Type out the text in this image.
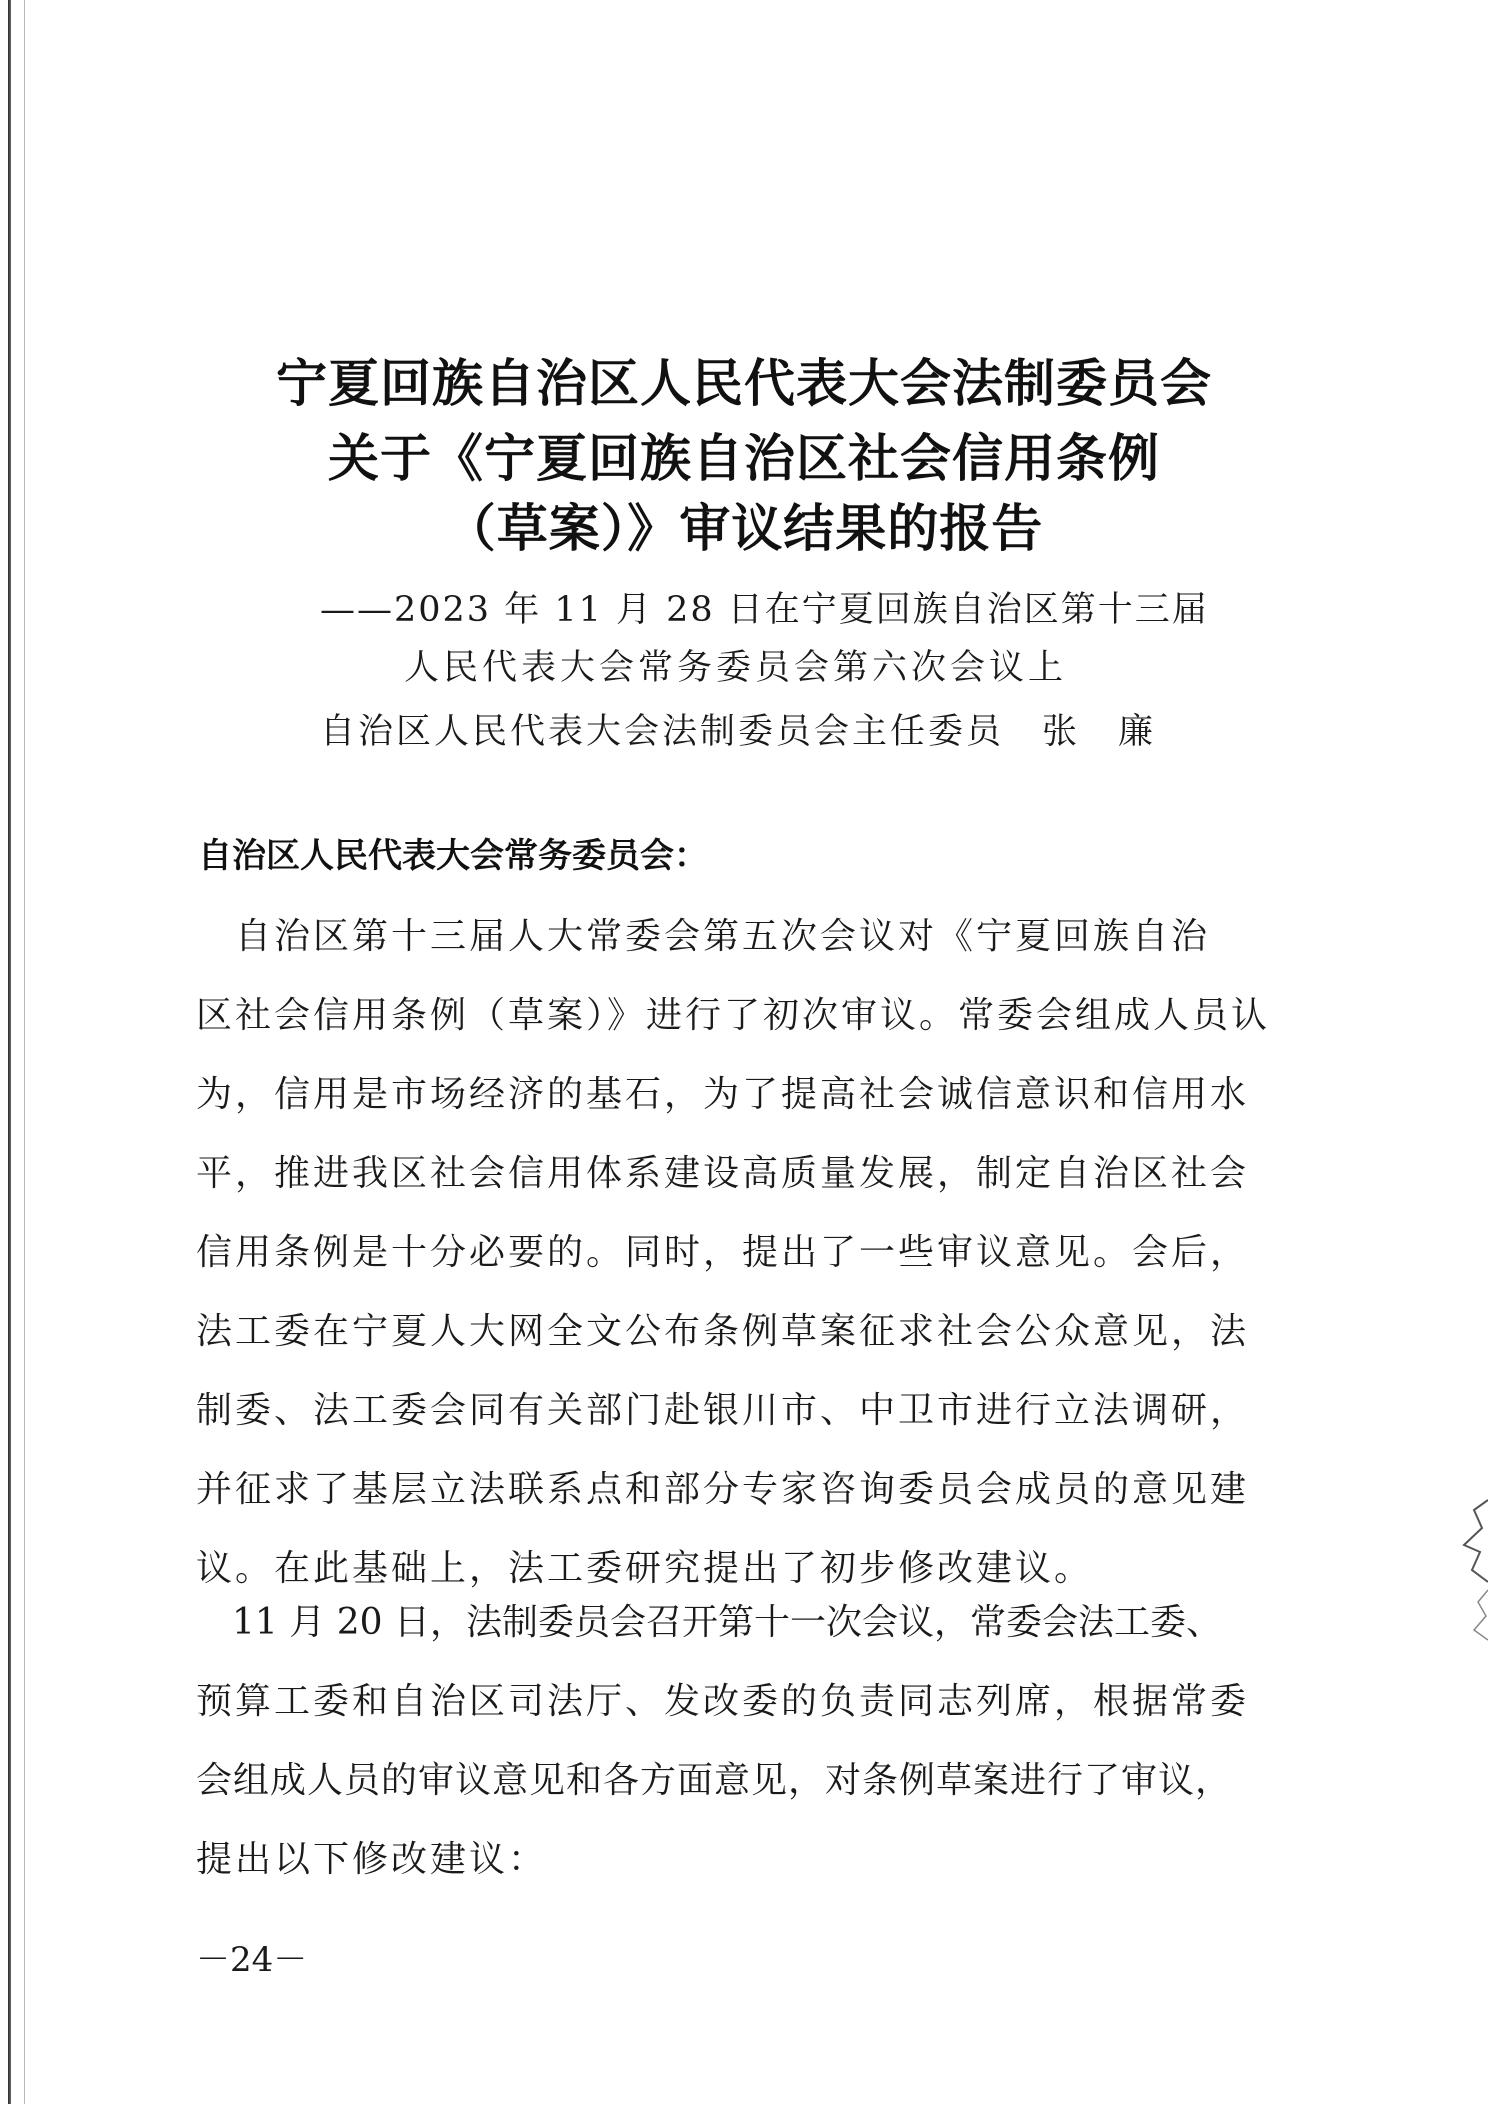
宁夏回族自治区人民代表大会法制委员会
关于《宁夏回族自治区社会信用条例
（草案）》审议结果的报告
——2023 年 11 月 28 日在宁夏回族自治区第十三届
人民代表大会常务委员会第六次会议上
自治区人民代表大会法制委员会主任委员　张　廉
自治区人民代表大会常务委员会：
　自治区第十三届人大常委会第五次会议对《宁夏回族自治
区社会信用条例（草案）》进行了初次审议。常委会组成人员认
为，信用是市场经济的基石，为了提高社会诚信意识和信用水
平，推进我区社会信用体系建设高质量发展，制定自治区社会
信用条例是十分必要的。同时，提出了一些审议意见。会后，
法工委在宁夏人大网全文公布条例草案征求社会公众意见，法
制委、法工委会同有关部门赴银川市、中卫市进行立法调研，
并征求了基层立法联系点和部分专家咨询委员会成员的意见建
议。在此基础上，法工委研究提出了初步修改建议。
　11 月 20 日，法制委员会召开第十一次会议，常委会法工委、
预算工委和自治区司法厅、发改委的负责同志列席，根据常委
会组成人员的审议意见和各方面意见，对条例草案进行了审议，
提出以下修改建议：
－24－
